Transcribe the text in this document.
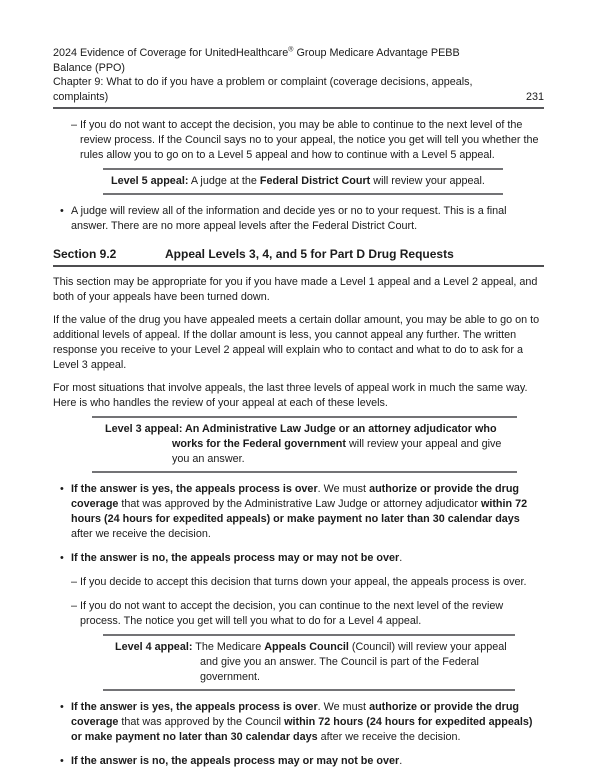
2024 Evidence of Coverage for UnitedHealthcare® Group Medicare Advantage PEBB
Balance (PPO)
Chapter 9: What to do if you have a problem or complaint (coverage decisions, appeals,
complaints)	231
– If you do not want to accept the decision, you may be able to continue to the next level of the review process. If the Council says no to your appeal, the notice you get will tell you whether the rules allow you to go on to a Level 5 appeal and how to continue with a Level 5 appeal.
Level 5 appeal: A judge at the Federal District Court will review your appeal.
• A judge will review all of the information and decide yes or no to your request. This is a final answer. There are no more appeal levels after the Federal District Court.
Section 9.2	Appeal Levels 3, 4, and 5 for Part D Drug Requests

This section may be appropriate for you if you have made a Level 1 appeal and a Level 2 appeal, and both of your appeals have been turned down.

If the value of the drug you have appealed meets a certain dollar amount, you may be able to go on to additional levels of appeal. If the dollar amount is less, you cannot appeal any further. The written response you receive to your Level 2 appeal will explain who to contact and what to do to ask for a Level 3 appeal.

For most situations that involve appeals, the last three levels of appeal work in much the same way. Here is who handles the review of your appeal at each of these levels.

Level 3 appeal: An Administrative Law Judge or an attorney adjudicator who works for the Federal government will review your appeal and give you an answer.
• If the answer is yes, the appeals process is over. We must authorize or provide the drug coverage that was approved by the Administrative Law Judge or attorney adjudicator within 72 hours (24 hours for expedited appeals) or make payment no later than 30 calendar days after we receive the decision.
• If the answer is no, the appeals process may or may not be over.
– If you decide to accept this decision that turns down your appeal, the appeals process is over.
– If you do not want to accept the decision, you can continue to the next level of the review process. The notice you get will tell you what to do for a Level 4 appeal.
Level 4 appeal: The Medicare Appeals Council (Council) will review your appeal and give you an answer. The Council is part of the Federal government.
• If the answer is yes, the appeals process is over. We must authorize or provide the drug coverage that was approved by the Council within 72 hours (24 hours for expedited appeals) or make payment no later than 30 calendar days after we receive the decision.
• If the answer is no, the appeals process may or may not be over.
